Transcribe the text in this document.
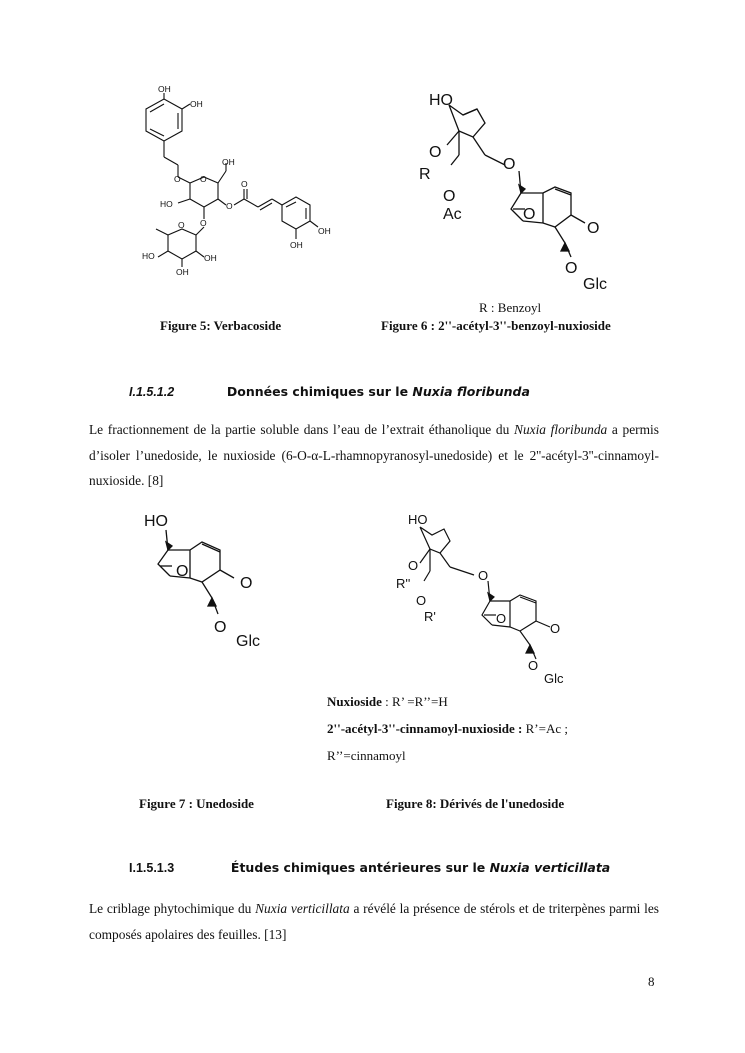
OH
OH
OH
O O
HO	O
O
O
OH
OH
O
HO
OH
OH
Figure 5: Verbacoside
HO
O
R
O
Ac
O
O
O
O
Glc
R : Benzoyl
Figure 6 : 2''-acétyl-3''-benzoyl-nuxioside
I.1.5.1.2	Données chimiques sur le Nuxia floribunda
Le fractionnement de la partie soluble dans l’eau de l’extrait éthanolique du Nuxia floribunda a permis d’isoler l’unedoside, le nuxioside (6-O-α-L-rhamnopyranosyl-unedoside) et le 2''-acétyl-3''-cinnamoyl-nuxioside. [8]
HO
O
O
O
Glc
HO
O
R''
O
R'
O
O
O
O
Glc
Nuxioside : R’ =R’’=H
2''-acétyl-3''-cinnamoyl-nuxioside : R’=Ac ;
R’’=cinnamoyl
Figure 7 : Unedoside	Figure 8: Dérivés de l'unedoside
I.1.5.1.3	Études chimiques antérieures sur le Nuxia verticillata
Le criblage phytochimique du Nuxia verticillata a révélé la présence de stérols et de triterpènes parmi les composés apolaires des feuilles. [13]
8
